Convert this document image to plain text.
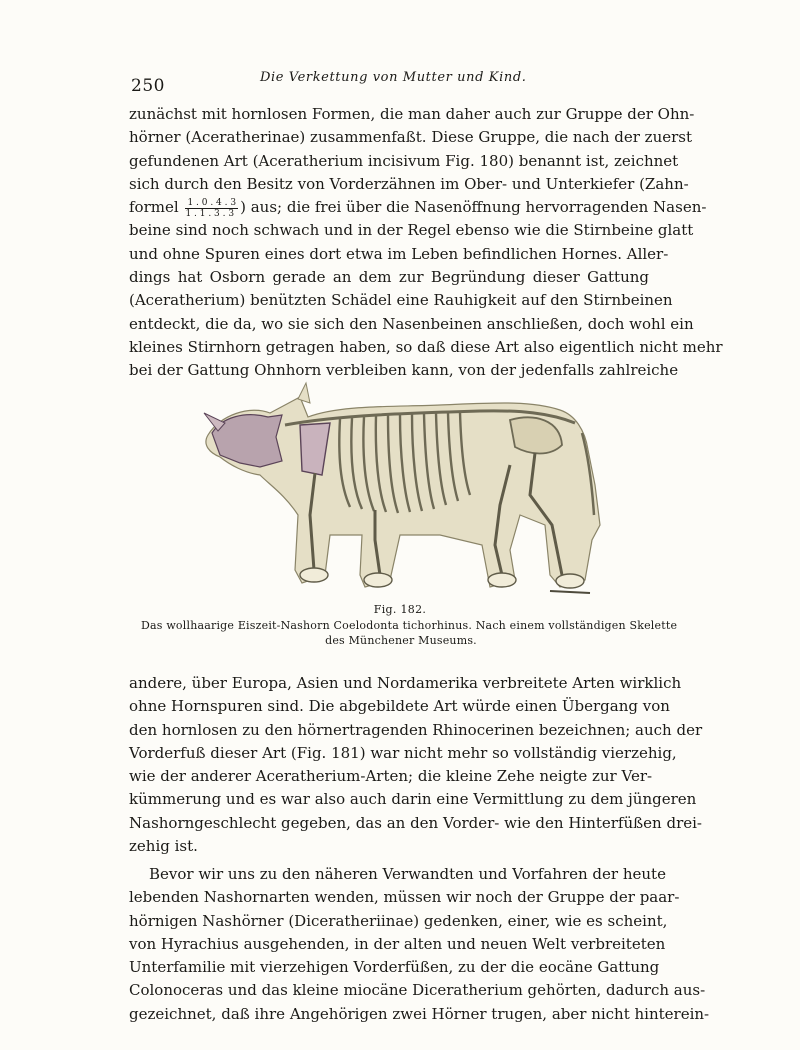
250	Die Verkettung von Mutter und Kind.
zunächst mit hornlosen Formen, die man daher auch zur Gruppe der Ohn-
hörner (Aceratherinae) zusammenfaßt. Diese Gruppe, die nach der zuerst
gefundenen Art (Aceratherium incisivum Fig. 180) benannt ist, zeichnet
sich durch den Besitz von Vorderzähnen im Ober- und Unterkiefer (Zahn-
formel $\frac{1 . 0 . 4 . 3}{1 . 1 . 3 . 3}$ ) aus; die frei über die Nasenöffnung hervorragenden Nasen-
beine sind noch schwach und in der Regel ebenso wie die Stirnbeine glatt
und ohne Spuren eines dort etwa im Leben befindlichen Hornes. Aller-
dings hat Osborn gerade an dem zur Begründung dieser Gattung
(Aceratherium) benützten Schädel eine Rauhigkeit auf den Stirnbeinen
entdeckt, die da, wo sie sich den Nasenbeinen anschließen, doch wohl ein
kleines Stirnhorn getragen haben, so daß diese Art also eigentlich nicht mehr
bei der Gattung Ohnhorn verbleiben kann, von der jedenfalls zahlreiche
Fig. 182.
Das wollhaarige Eiszeit-Nashorn Coelodonta tichorhinus. Nach einem vollständigen Skelette
des Münchener Museums.
andere, über Europa, Asien und Nordamerika verbreitete Arten wirklich
ohne Hornspuren sind. Die abgebildete Art würde einen Übergang von
den hornlosen zu den hörnertragenden Rhinocerinen bezeichnen; auch der
Vorderfuß dieser Art (Fig. 181) war nicht mehr so vollständig vierzehig,
wie der anderer Aceratherium-Arten; die kleine Zehe neigte zur Ver-
kümmerung und es war also auch darin eine Vermittlung zu dem jüngeren
Nashorngeschlecht gegeben, das an den Vorder- wie den Hinterfüßen drei-
zehig ist.
Bevor wir uns zu den näheren Verwandten und Vorfahren der heute
lebenden Nashornarten wenden, müssen wir noch der Gruppe der paar-
hörnigen Nashörner (Diceratheriinae) gedenken, einer, wie es scheint,
von Hyrachius ausgehenden, in der alten und neuen Welt verbreiteten
Unterfamilie mit vierzehigen Vorderfüßen, zu der die eocäne Gattung
Colonoceras und das kleine miocäne Diceratherium gehörten, dadurch aus-
gezeichnet, daß ihre Angehörigen zwei Hörner trugen, aber nicht hinterein-
